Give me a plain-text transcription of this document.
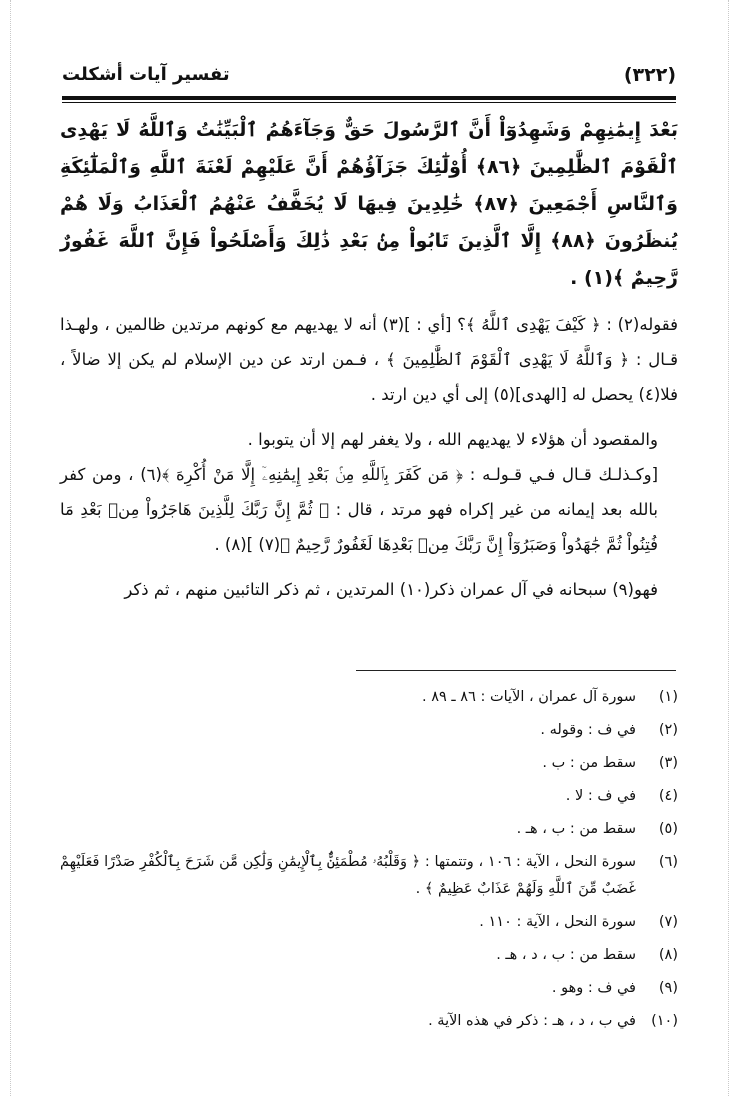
(٣٢٢)
تفسير آيات أشكلت

بَعْدَ إِيمَٰنِهِمْ وَشَهِدُوٓاْ أَنَّ ٱلرَّسُولَ حَقٌّ وَجَآءَهُمُ ٱلْبَيِّنَٰتُ وَٱللَّهُ لَا يَهْدِى ٱلْقَوْمَ ٱلظَّٰلِمِينَ ﴿٨٦﴾ أُوْلَٰٓئِكَ جَزَآؤُهُمْ أَنَّ عَلَيْهِمْ لَعْنَةَ ٱللَّهِ وَٱلْمَلَٰٓئِكَةِ وَٱلنَّاسِ أَجْمَعِينَ ﴿٨٧﴾ خَٰلِدِينَ فِيهَا لَا يُخَفَّفُ عَنْهُمُ ٱلْعَذَابُ وَلَا هُمْ يُنظَرُونَ ﴿٨٨﴾ إِلَّا ٱلَّذِينَ تَابُواْ مِنۢ بَعْدِ ذَٰلِكَ وَأَصْلَحُواْ فَإِنَّ ٱللَّهَ غَفُورٌ رَّحِيمٌ ﴾(١) .

فقوله(٢) : ﴿ كَيْفَ يَهْدِى ٱللَّهُ ﴾؟ [أي : ](٣) أنه لا يهديهم مع كونهم مرتدين ظالمين ، ولهـذا قـال : ﴿ وَٱللَّهُ لَا يَهْدِى ٱلْقَوْمَ ٱلظَّٰلِمِينَ ﴾ ، فـمن ارتد عن دين الإسلام لم يكن إلا ضالاً ، فلا(٤) يحصل له [الهدى](٥) إلى أي دين ارتد .

والمقصود أن هؤلاء لا يهديهم الله ، ولا يغفر لهم إلا أن يتوبوا .

[وكـذلـك قـال فـي قـولـه : ﴿ مَن كَفَرَ بِٱللَّهِ مِنۢ بَعْدِ إِيمَٰنِهِۦٓ إِلَّا مَنْ أُكْرِهَ ﴾(٦) ، ومن كفر بالله بعد إيمانه من غير إكراه فهو مرتد ، قال : ﴿ ثُمَّ إِنَّ رَبَّكَ لِلَّذِينَ هَاجَرُواْ مِنۢ بَعْدِ مَا فُتِنُواْ ثُمَّ جَٰهَدُواْ وَصَبَرُوٓاْ إِنَّ رَبَّكَ مِنۢ بَعْدِهَا لَغَفُورٌ رَّحِيمٌ ﴾(٧) ](٨) .

فهو(٩) سبحانه في آل عمران ذكر(١٠) المرتدين ، ثم ذكر التائبين منهم ، ثم ذكر

(١)
سورة آل عمران ، الآيات : ٨٦ ـ ٨٩ .
(٢)
في ف : وقوله .
(٣)
سقط من : ب .
(٤)
في ف : لا .
(٥)
سقط من : ب ، هـ .
(٦)
سورة النحل ، الآية : ١٠٦ ، وتتمتها : ﴿ وَقَلْبُهُۥ مُطْمَئِنٌّۢ بِٱلْإِيمَٰنِ وَلَٰكِن مَّن شَرَحَ بِٱلْكُفْرِ صَدْرًا فَعَلَيْهِمْ غَضَبٌ مِّنَ ٱللَّهِ وَلَهُمْ عَذَابٌ عَظِيمٌ ﴾ .
(٧)
سورة النحل ، الآية : ١١٠ .
(٨)
سقط من : ب ، د ، هـ .
(٩)
في ف : وهو .
(١٠)
في ب ، د ، هـ : ذكر في هذه الآية .
